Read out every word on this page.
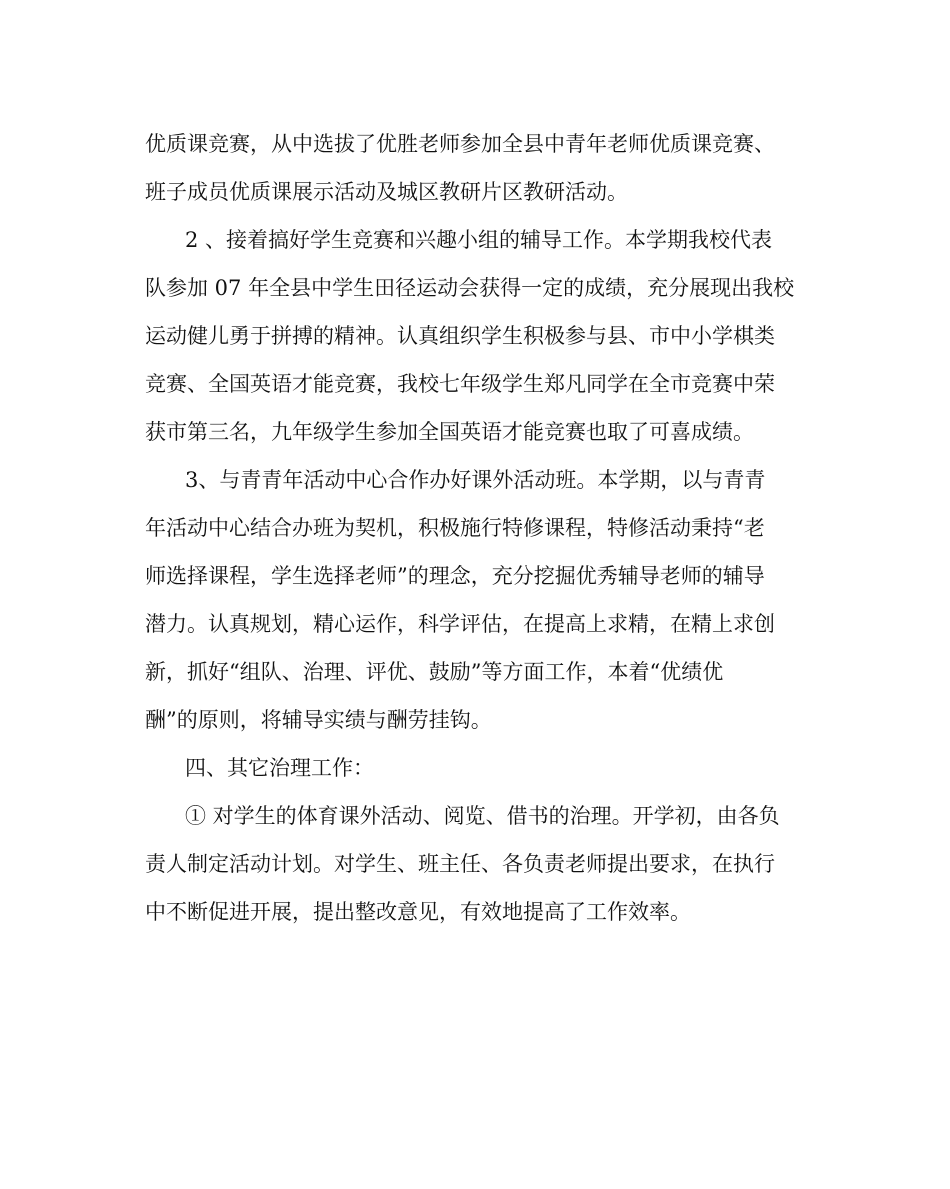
优质课竞赛，从中选拔了优胜老师参加全县中青年老师优质课竞赛、
班子成员优质课展示活动及城区教研片区教研活动。
2 、接着搞好学生竞赛和兴趣小组的辅导工作。本学期我校代表
队参加 07 年全县中学生田径运动会获得一定的成绩，充分展现出我校
运动健儿勇于拼搏的精神。认真组织学生积极参与县、市中小学棋类
竞赛、全国英语才能竞赛，我校七年级学生郑凡同学在全市竞赛中荣
获市第三名，九年级学生参加全国英语才能竞赛也取了可喜成绩。
3、与青青年活动中心合作办好课外活动班。本学期，以与青青
年活动中心结合办班为契机，积极施行特修课程，特修活动秉持“老
师选择课程，学生选择老师”的理念，充分挖掘优秀辅导老师的辅导
潜力。认真规划，精心运作，科学评估，在提高上求精，在精上求创
新，抓好“组队、治理、评优、鼓励”等方面工作，本着“优绩优
酬”的原则，将辅导实绩与酬劳挂钩。
四、其它治理工作：
① 对学生的体育课外活动、阅览、借书的治理。开学初，由各负
责人制定活动计划。对学生、班主任、各负责老师提出要求，在执行
中不断促进开展，提出整改意见，有效地提高了工作效率。
